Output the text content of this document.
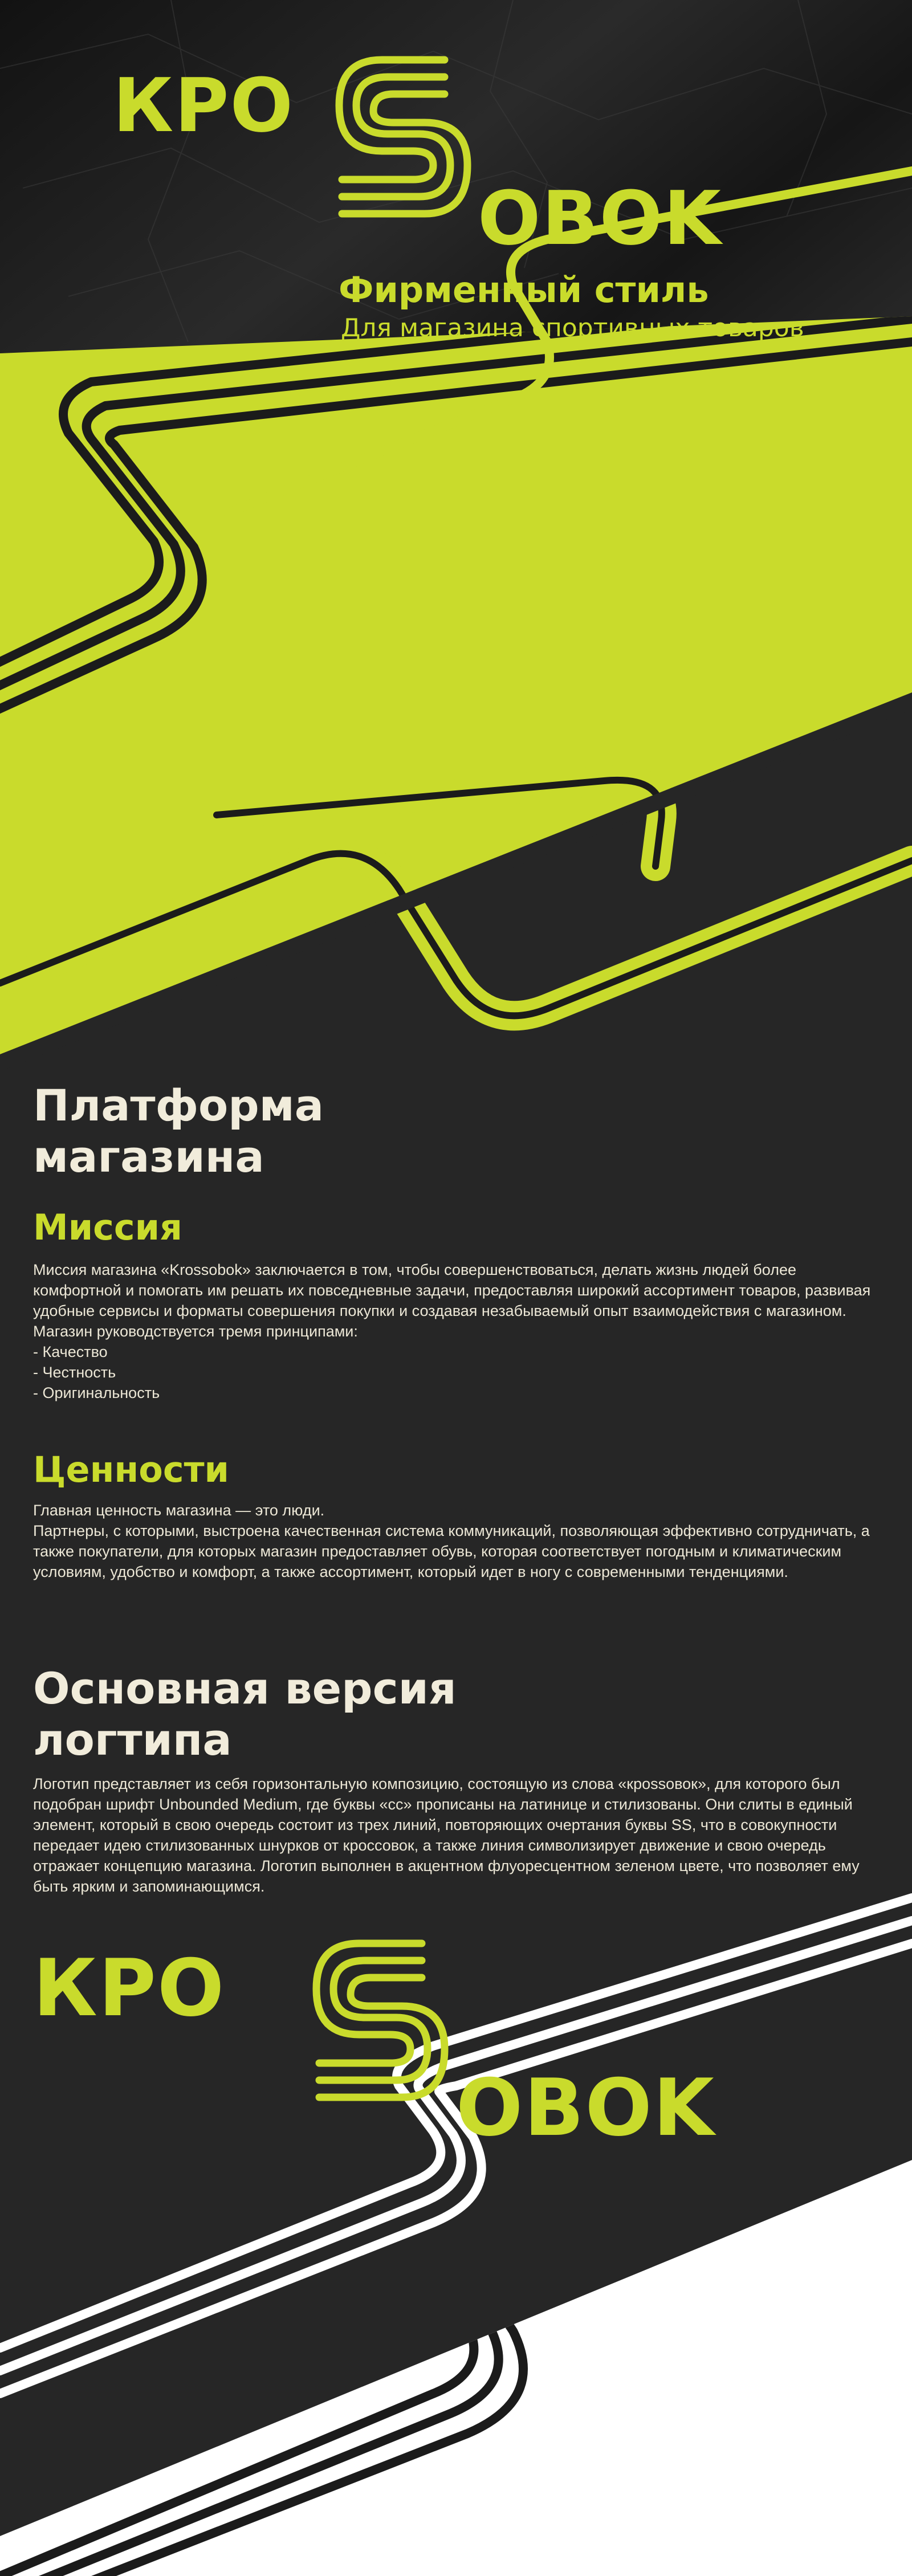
КРО
OBOK
Фирменный стиль
Для магазина спортивных товаров
Платформа
магазина
Миссия

Миссия магазина «Krossobok» заключается в том, чтобы совершенствоваться, делать жизнь людей более комфортной и помогать им решать их повседневные задачи, предоставляя широкий ассортимент товаров, развивая удобные сервисы и форматы совершения покупки и создавая незабываемый опыт взаимодействия с магазином.

Магазин руководствуется тремя принципами:

- Качество
- Честность
- Оригинальность
Ценности

Главная ценность магазина — это люди.

Партнеры, с которыми, выстроена качественная система коммуникаций, позволяющая эффективно сотрудничать, а также покупатели, для которых магазин предоставляет обувь, которая соответствует погодным и климатическим условиям, удобство и комфорт, а также ассортимент, который идет в ногу с современными тенденциями.

Основная версия
логтипа
Логотип представляет из себя горизонтальную композицию, состоящую из слова «кроssовок», для которого был подобран шрифт Unbounded Medium, где буквы «сс» прописаны на латинице и стилизованы. Они слиты в единый элемент, который в свою очередь состоит из трех линий, повторяющих очертания буквы SS, что в совокупности передает идею стилизованных шнурков от кроссовок, а также линия символизирует движение и свою очередь отражает концепцию магазина. Логотип выполнен в акцентном флуоресцентном зеленом цвете, что позволяет ему быть ярким и запоминающимся.
КРО
OBOK
